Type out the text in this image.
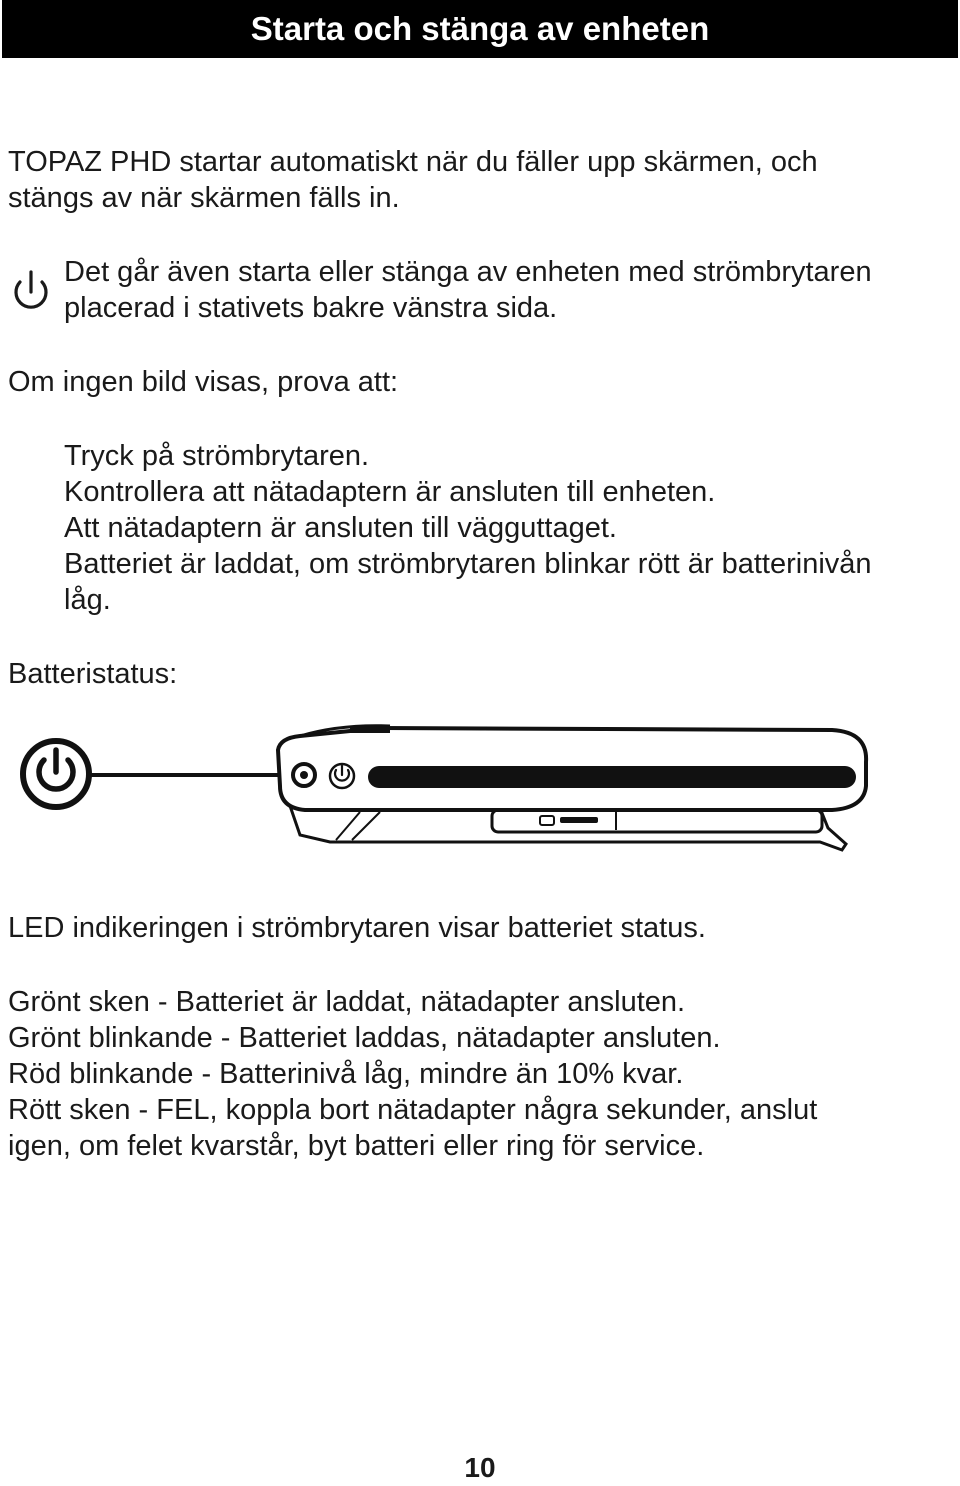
Starta och stänga av enheten
TOPAZ PHD startar automatiskt när du fäller upp skärmen, och
stängs av när skärmen fälls in.
Det går även starta eller stänga av enheten med strömbrytaren
placerad i stativets bakre vänstra sida.
Om ingen bild visas, prova att:
Tryck på strömbrytaren.
Kontrollera att nätadaptern är ansluten till enheten.
Att nätadaptern är ansluten till vägguttaget.
Batteriet är laddat, om strömbrytaren blinkar rött är batterinivån
låg.
Batteristatus:
LED indikeringen i strömbrytaren visar batteriet status.
Grönt sken - Batteriet är laddat, nätadapter ansluten.
Grönt blinkande - Batteriet laddas, nätadapter ansluten.
Röd blinkande - Batterinivå låg, mindre än 10% kvar.
Rött sken - FEL, koppla bort nätadapter några sekunder, anslut
igen, om felet kvarstår, byt batteri eller ring för service.
10
